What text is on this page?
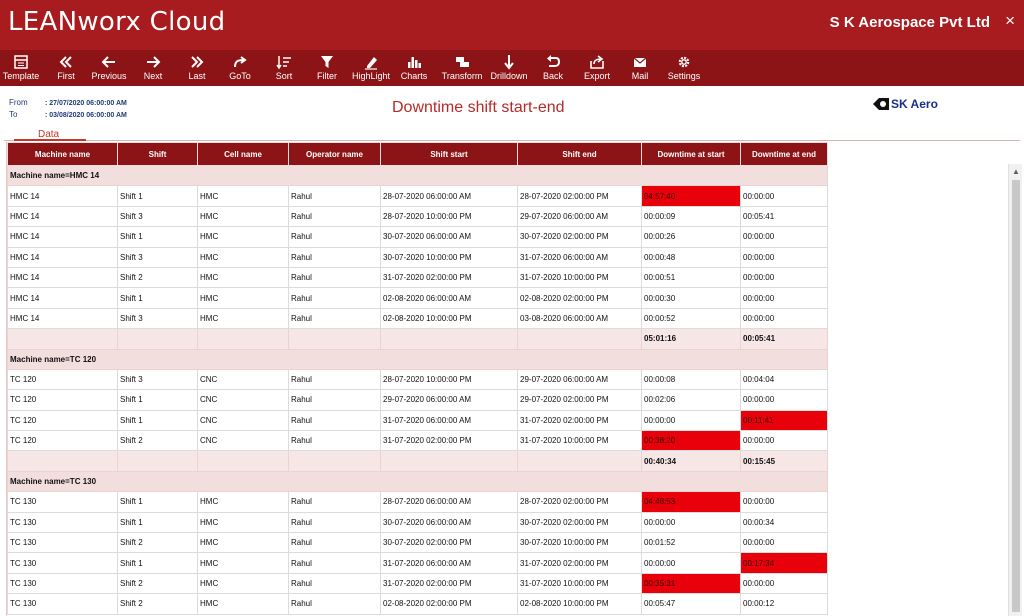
LEANworx Cloud	S K Aerospace Pvt Ltd ×
Template First Previous Next	Last	GoTo	Sort	Filter HighLight Charts Transform Drilldown Back Export Mail Settings
From : 27/07/2020 06:00:00 AM
To	: 03/08/2020 06:00:00 AM	Downtime shift start-end	SK Aero
Data
Machine name	Shift	Cell name	Operator name	Shift start	Shift end	Downtime at start	Downtime at end
Machine name=HMC 14							
HMC 14	Shift 1	HMC	Rahul	28-07-2020 06:00:00 AM	28-07-2020 02:00:00 PM	04:57:40	00:00:00
HMC 14	Shift 3	HMC	Rahul	28-07-2020 10:00:00 PM	29-07-2020 06:00:00 AM	00:00:09	00:05:41
HMC 14	Shift 1	HMC	Rahul	30-07-2020 06:00:00 AM	30-07-2020 02:00:00 PM	00:00:26	00:00:00
HMC 14	Shift 3	HMC	Rahul	30-07-2020 10:00:00 PM	31-07-2020 06:00:00 AM	00:00:48	00:00:00
HMC 14	Shift 2	HMC	Rahul	31-07-2020 02:00:00 PM	31-07-2020 10:00:00 PM	00:00:51	00:00:00
HMC 14	Shift 1	HMC	Rahul	02-08-2020 06:00:00 AM	02-08-2020 02:00:00 PM	00:00:30	00:00:00
HMC 14	Shift 3	HMC	Rahul	02-08-2020 10:00:00 PM	03-08-2020 06:00:00 AM	00:00:52	00:00:00
						05:01:16	00:05:41
Machine name=TC 120							
TC 120	Shift 3	CNC	Rahul	28-07-2020 10:00:00 PM	29-07-2020 06:00:00 AM	00:00:08	00:04:04
TC 120	Shift 1	CNC	Rahul	29-07-2020 06:00:00 AM	29-07-2020 02:00:00 PM	00:02:06	00:00:00
TC 120	Shift 1	CNC	Rahul	31-07-2020 06:00:00 AM	31-07-2020 02:00:00 PM	00:00:00	00:11:41
TC 120	Shift 2	CNC	Rahul	31-07-2020 02:00:00 PM	31-07-2020 10:00:00 PM	00:38:20	00:00:00
						00:40:34	00:15:45
Machine name=TC 130							
TC 130	Shift 1	HMC	Rahul	28-07-2020 06:00:00 AM	28-07-2020 02:00:00 PM	04:48:53	00:00:00
TC 130	Shift 1	HMC	Rahul	30-07-2020 06:00:00 AM	30-07-2020 02:00:00 PM	00:00:00	00:00:34
TC 130	Shift 2	HMC	Rahul	30-07-2020 02:00:00 PM	30-07-2020 10:00:00 PM	00:01:52	00:00:00
TC 130	Shift 1	HMC	Rahul	31-07-2020 06:00:00 AM	31-07-2020 02:00:00 PM	00:00:00	00:17:34
TC 130	Shift 2	HMC	Rahul	31-07-2020 02:00:00 PM	31-07-2020 10:00:00 PM	00:35:31	00:00:00
TC 130	Shift 2	HMC	Rahul	02-08-2020 02:00:00 PM	02-08-2020 10:00:00 PM	00:05:47	00:00:12
▲
